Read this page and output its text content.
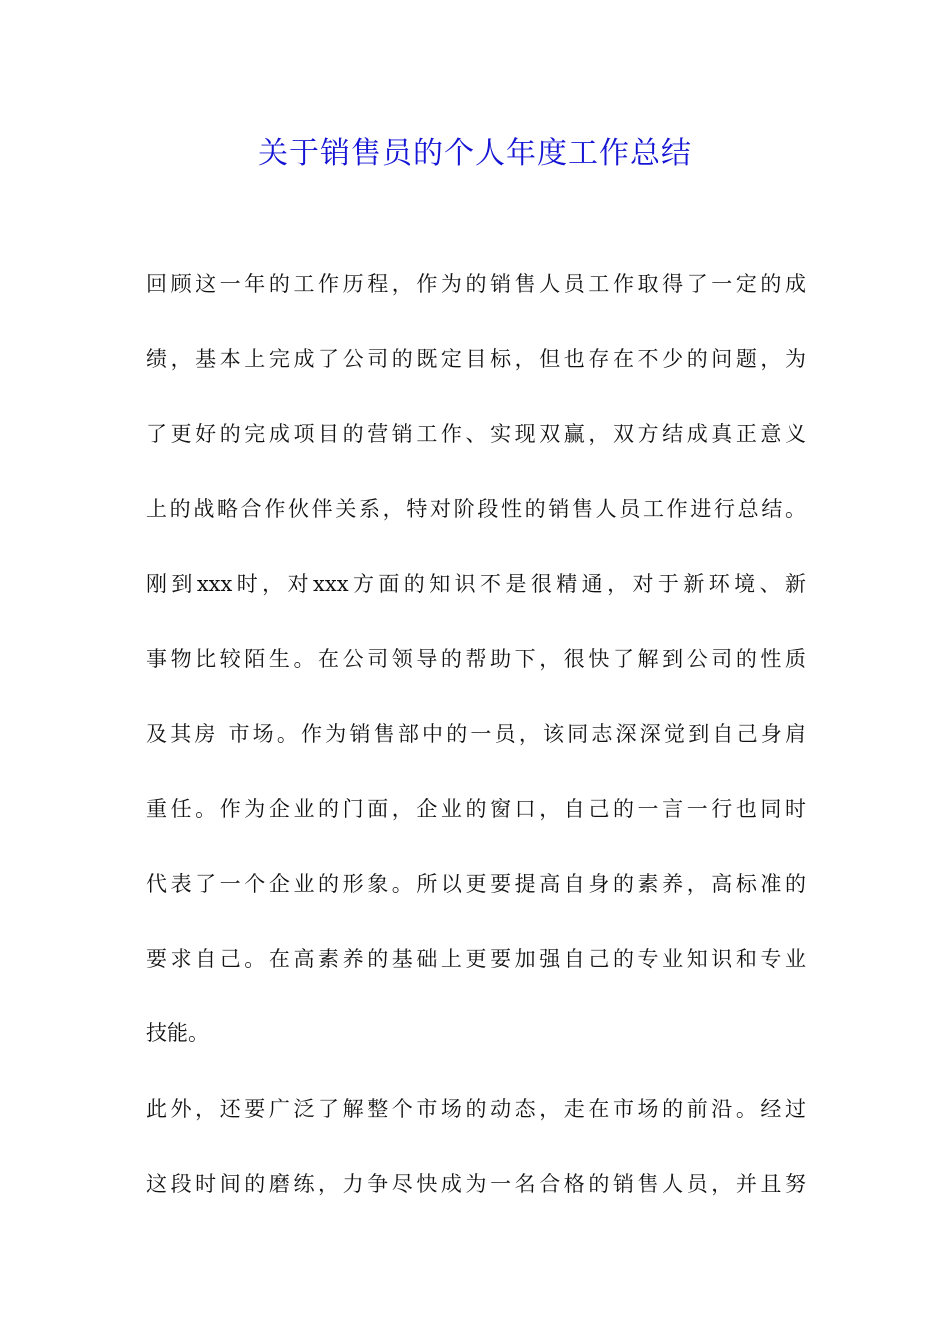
关于销售员的个人年度工作总结
回顾这一年的工作历程，作为的销售人员工作取得了一定的成
绩，基本上完成了公司的既定目标，但也存在不少的问题，为
了更好的完成项目的营销工作、实现双赢，双方结成真正意义
上的战略合作伙伴关系，特对阶段性的销售人员工作进行总结。
刚到xxx时，对xxx方面的知识不是很精通，对于新环境、新
事物比较陌生。在公司领导的帮助下，很快了解到公司的性质
及其房 市场。作为销售部中的一员，该同志深深觉到自己身肩
重任。作为企业的门面，企业的窗口，自己的一言一行也同时
代表了一个企业的形象。所以更要提高自身的素养，高标准的
要求自己。在高素养的基础上更要加强自己的专业知识和专业
技能。
此外，还要广泛了解整个市场的动态，走在市场的前沿。经过
这段时间的磨练，力争尽快成为一名合格的销售人员，并且努
